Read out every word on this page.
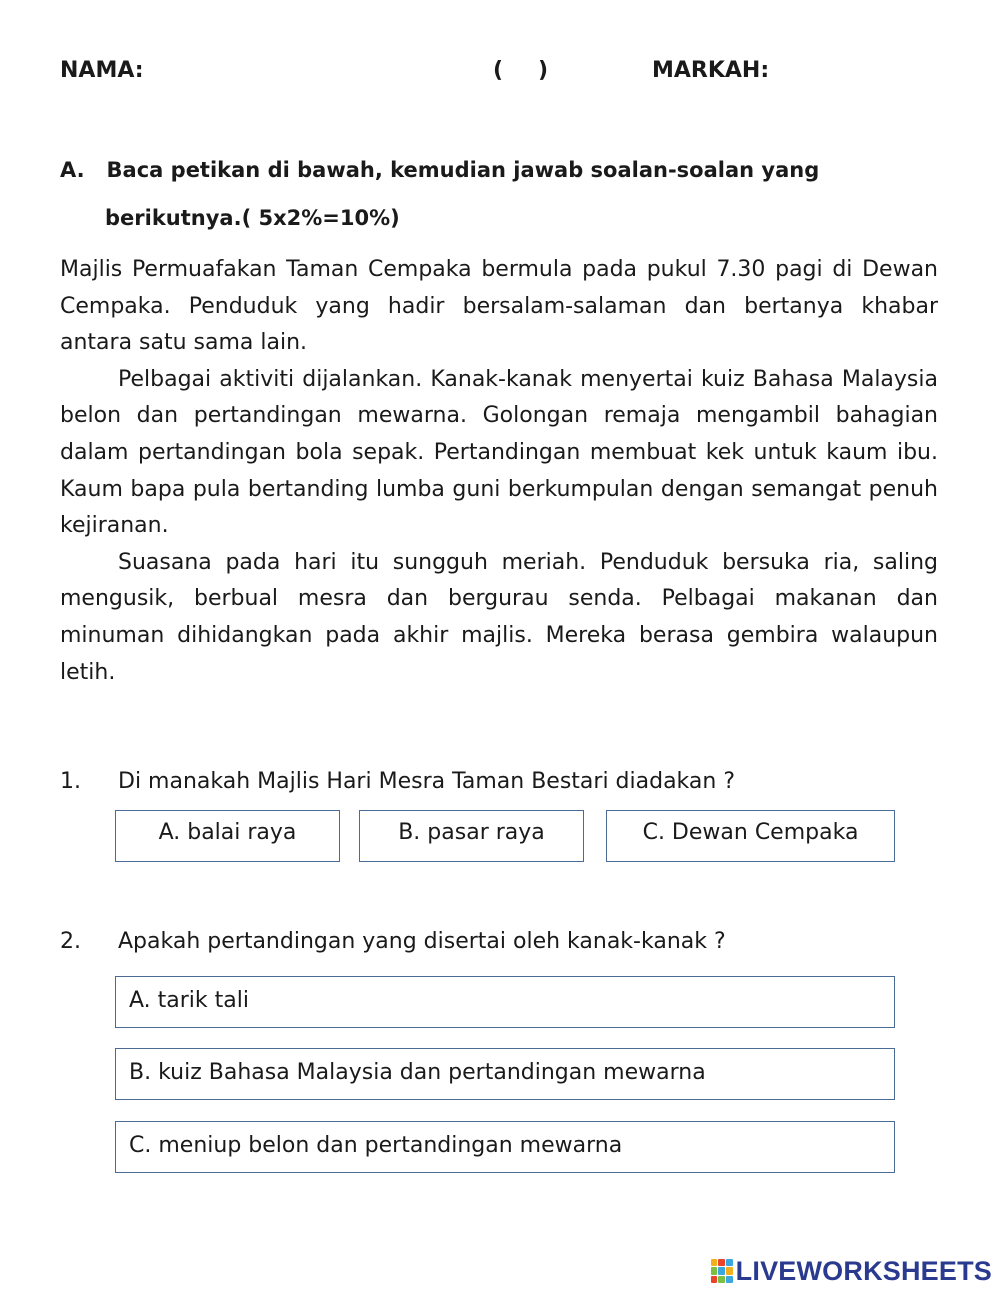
NAMA:	( )	MARKAH:
A.   Baca petikan di bawah, kemudian jawab soalan-soalan yang
berikutnya.( 5x2%=10%)

Majlis Permuafakan Taman Cempaka bermula pada pukul 7.30 pagi di Dewan Cempaka. Penduduk yang hadir bersalam-salaman dan bertanya khabar antara satu sama lain.

Pelbagai aktiviti dijalankan. Kanak-kanak menyertai kuiz Bahasa Malaysia belon dan pertandingan mewarna. Golongan remaja mengambil bahagian dalam pertandingan bola sepak. Pertandingan membuat kek untuk kaum ibu. Kaum bapa pula bertanding lumba guni berkumpulan dengan semangat penuh kejiranan.

Suasana pada hari itu sungguh meriah. Penduduk bersuka ria, saling mengusik, berbual mesra dan bergurau senda. Pelbagai makanan dan minuman dihidangkan pada akhir majlis. Mereka berasa gembira walaupun letih.

1. Di manakah Majlis Hari Mesra Taman Bestari diadakan ?
A. balai raya	B. pasar raya	C. Dewan Cempaka
2. Apakah pertandingan yang disertai oleh kanak-kanak ?
A. tarik tali
B. kuiz Bahasa Malaysia dan pertandingan mewarna
C. meniup belon dan pertandingan mewarna
LIVEWORKSHEETS
